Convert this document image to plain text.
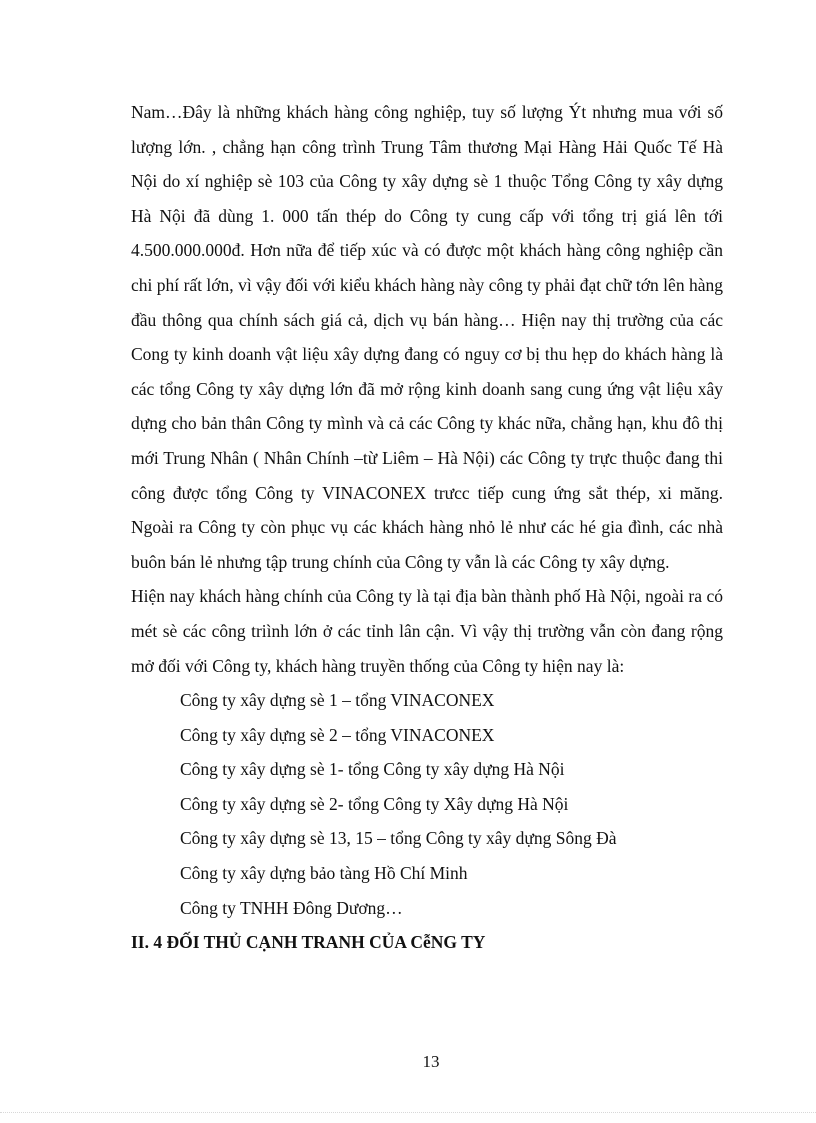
Nam…Đây là những khách hàng công nghiệp, tuy số lượng Ýt nhưng mua với số lượng lớn. , chẳng hạn công trình Trung Tâm thương Mại Hàng Hải Quốc Tế Hà Nội do xí nghiệp sè 103 của Công ty xây dựng sè 1 thuộc Tổng Công ty xây dựng Hà Nội đã dùng 1. 000 tấn thép do Công ty cung cấp với tổng trị giá lên tới 4.500.000.000đ. Hơn nữa để tiếp xúc và có được một khách hàng công nghiệp cần chi phí rất lớn, vì vậy đối với kiểu khách hàng này công ty phải đạt chữ tớn lên hàng đầu thông qua chính sách giá cả, dịch vụ bán hàng… Hiện nay thị trường của các Cong ty kinh doanh vật liệu xây dựng đang có nguy cơ bị thu hẹp do khách hàng là các tổng Công ty xây dựng lớn đã mở rộng kinh doanh sang cung ứng vật liệu xây dựng cho bản thân Công ty mình và cả các Công ty khác nữa, chẳng hạn, khu đô thị mới Trung Nhân ( Nhân Chính –từ Liêm – Hà Nội) các Công ty trực thuộc đang thi công được tổng Công ty VINACONEX trưcc tiếp cung ứng sắt thép, xi măng. Ngoài ra Công ty còn phục vụ các khách hàng nhỏ lẻ như các hé gia đình, các nhà buôn bán lẻ nhưng tập trung chính của Công ty vẫn là các Công ty xây dựng.

Hiện nay khách hàng chính của Công ty là tại địa bàn thành phố Hà Nội, ngoài ra có mét sè các công triình lớn ở các tỉnh lân cận. Vì vậy thị trường vẫn còn đang rộng mở đối với Công ty, khách hàng truyền thống của Công ty hiện nay là:

Công ty xây dựng sè 1 – tổng VINACONEX
Công ty xây dựng sè 2 – tổng VINACONEX
Công ty xây dựng sè 1- tổng Công ty xây dựng Hà Nội
Công ty xây dựng sè 2- tổng Công ty Xây dựng Hà Nội
Công ty xây dựng sè 13, 15 – tổng Công ty xây dựng Sông Đà
Công ty xây dựng bảo tàng Hồ Chí Minh
Công ty TNHH Đông Dương…
II. 4 ĐỐI THỦ CẠNH TRANH CỦA CễNG TY

13
